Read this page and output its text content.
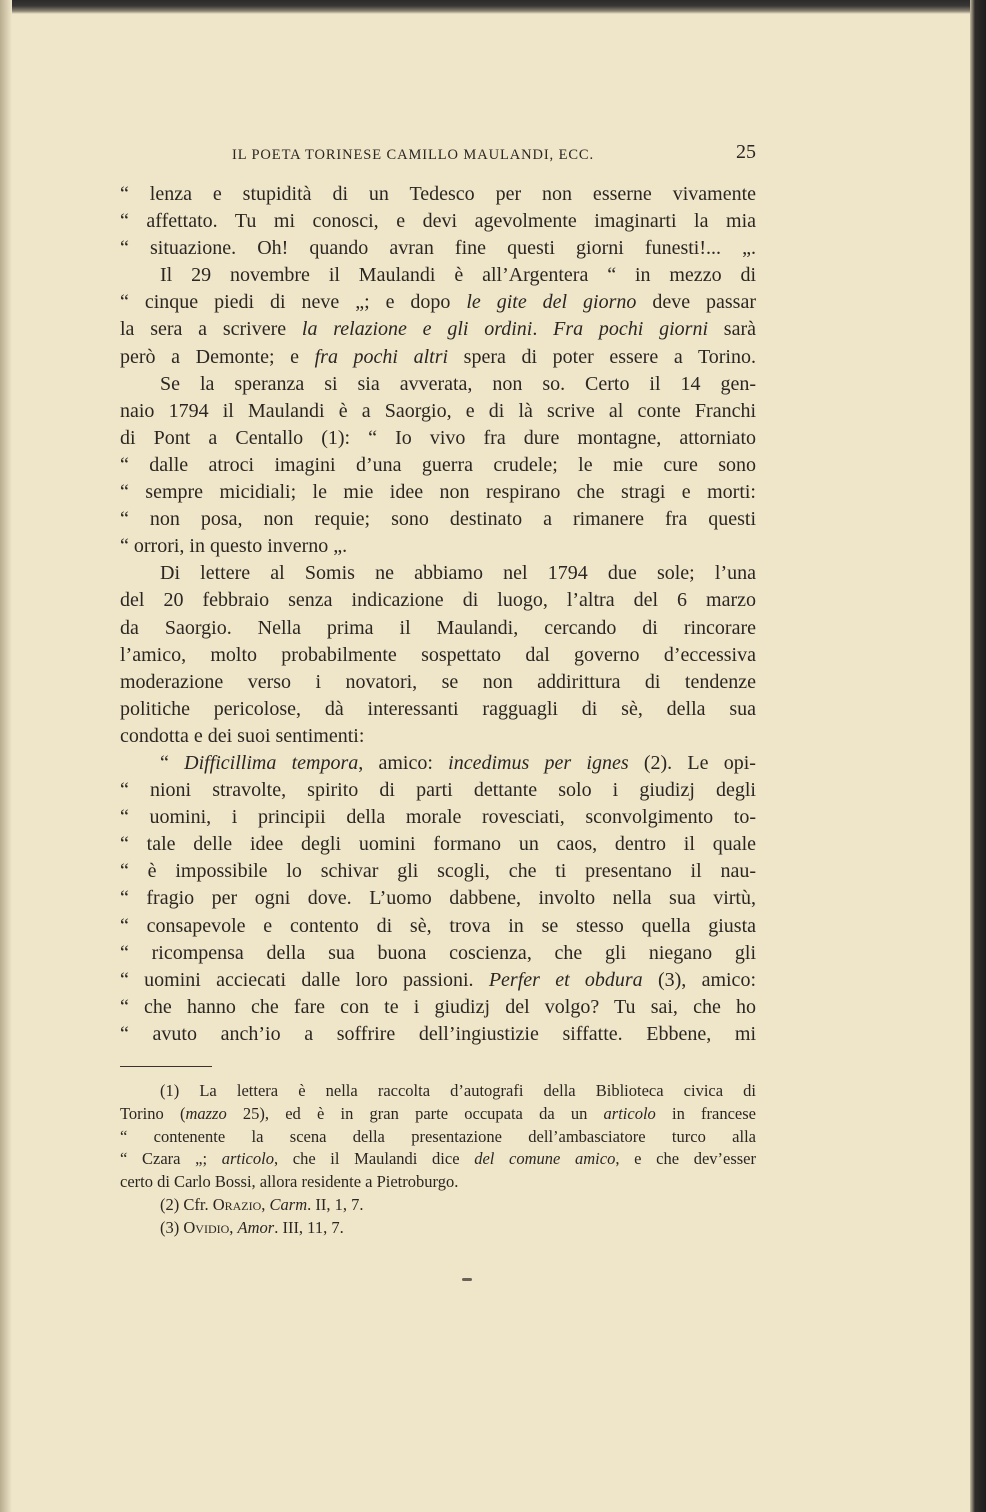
IL POETA TORINESE CAMILLO MAULANDI, ECC.	25
“ lenza e stupidità di un Tedesco per non esserne vivamente
“ affettato. Tu mi conosci, e devi agevolmente imaginarti la mia
“ situazione. Oh! quando avran fine questi giorni funesti!... „.
Il 29 novembre il Maulandi è all’Argentera “ in mezzo di
“ cinque piedi di neve „; e dopo le gite del giorno deve passar
la sera a scrivere la relazione e gli ordini. Fra pochi giorni sarà
però a Demonte; e fra pochi altri spera di poter essere a Torino.
Se la speranza si sia avverata, non so. Certo il 14 gen-
naio 1794 il Maulandi è a Saorgio, e di là scrive al conte Franchi
di Pont a Centallo (1): “ Io vivo fra dure montagne, attorniato
“ dalle atroci imagini d’una guerra crudele; le mie cure sono
“ sempre micidiali; le mie idee non respirano che stragi e morti:
“ non posa, non requie; sono destinato a rimanere fra questi
“ orrori, in questo inverno „.
Di lettere al Somis ne abbiamo nel 1794 due sole; l’una
del 20 febbraio senza indicazione di luogo, l’altra del 6 marzo
da Saorgio. Nella prima il Maulandi, cercando di rincorare
l’amico, molto probabilmente sospettato dal governo d’eccessiva
moderazione verso i novatori, se non addirittura di tendenze
politiche pericolose, dà interessanti ragguagli di sè, della sua
condotta e dei suoi sentimenti:
“ Difficillima tempora, amico: incedimus per ignes (2). Le opi-
“ nioni stravolte, spirito di parti dettante solo i giudizj degli
“ uomini, i principii della morale rovesciati, sconvolgimento to-
“ tale delle idee degli uomini formano un caos, dentro il quale
“ è impossibile lo schivar gli scogli, che ti presentano il nau-
“ fragio per ogni dove. L’uomo dabbene, involto nella sua virtù,
“ consapevole e contento di sè, trova in se stesso quella giusta
“ ricompensa della sua buona coscienza, che gli niegano gli
“ uomini acciecati dalle loro passioni. Perfer et obdura (3), amico:
“ che hanno che fare con te i giudizj del volgo? Tu sai, che ho
“ avuto anch’io a soffrire dell’ingiustizie siffatte. Ebbene, mi
(1) La lettera è nella raccolta d’autografi della Biblioteca civica di
Torino (mazzo 25), ed è in gran parte occupata da un articolo in francese
“ contenente la scena della presentazione dell’ambasciatore turco alla
“ Czara „; articolo, che il Maulandi dice del comune amico, e che dev’esser
certo di Carlo Bossi, allora residente a Pietroburgo.
(2) Cfr. Orazio, Carm. II, 1, 7.
(3) Ovidio, Amor. III, 11, 7.
